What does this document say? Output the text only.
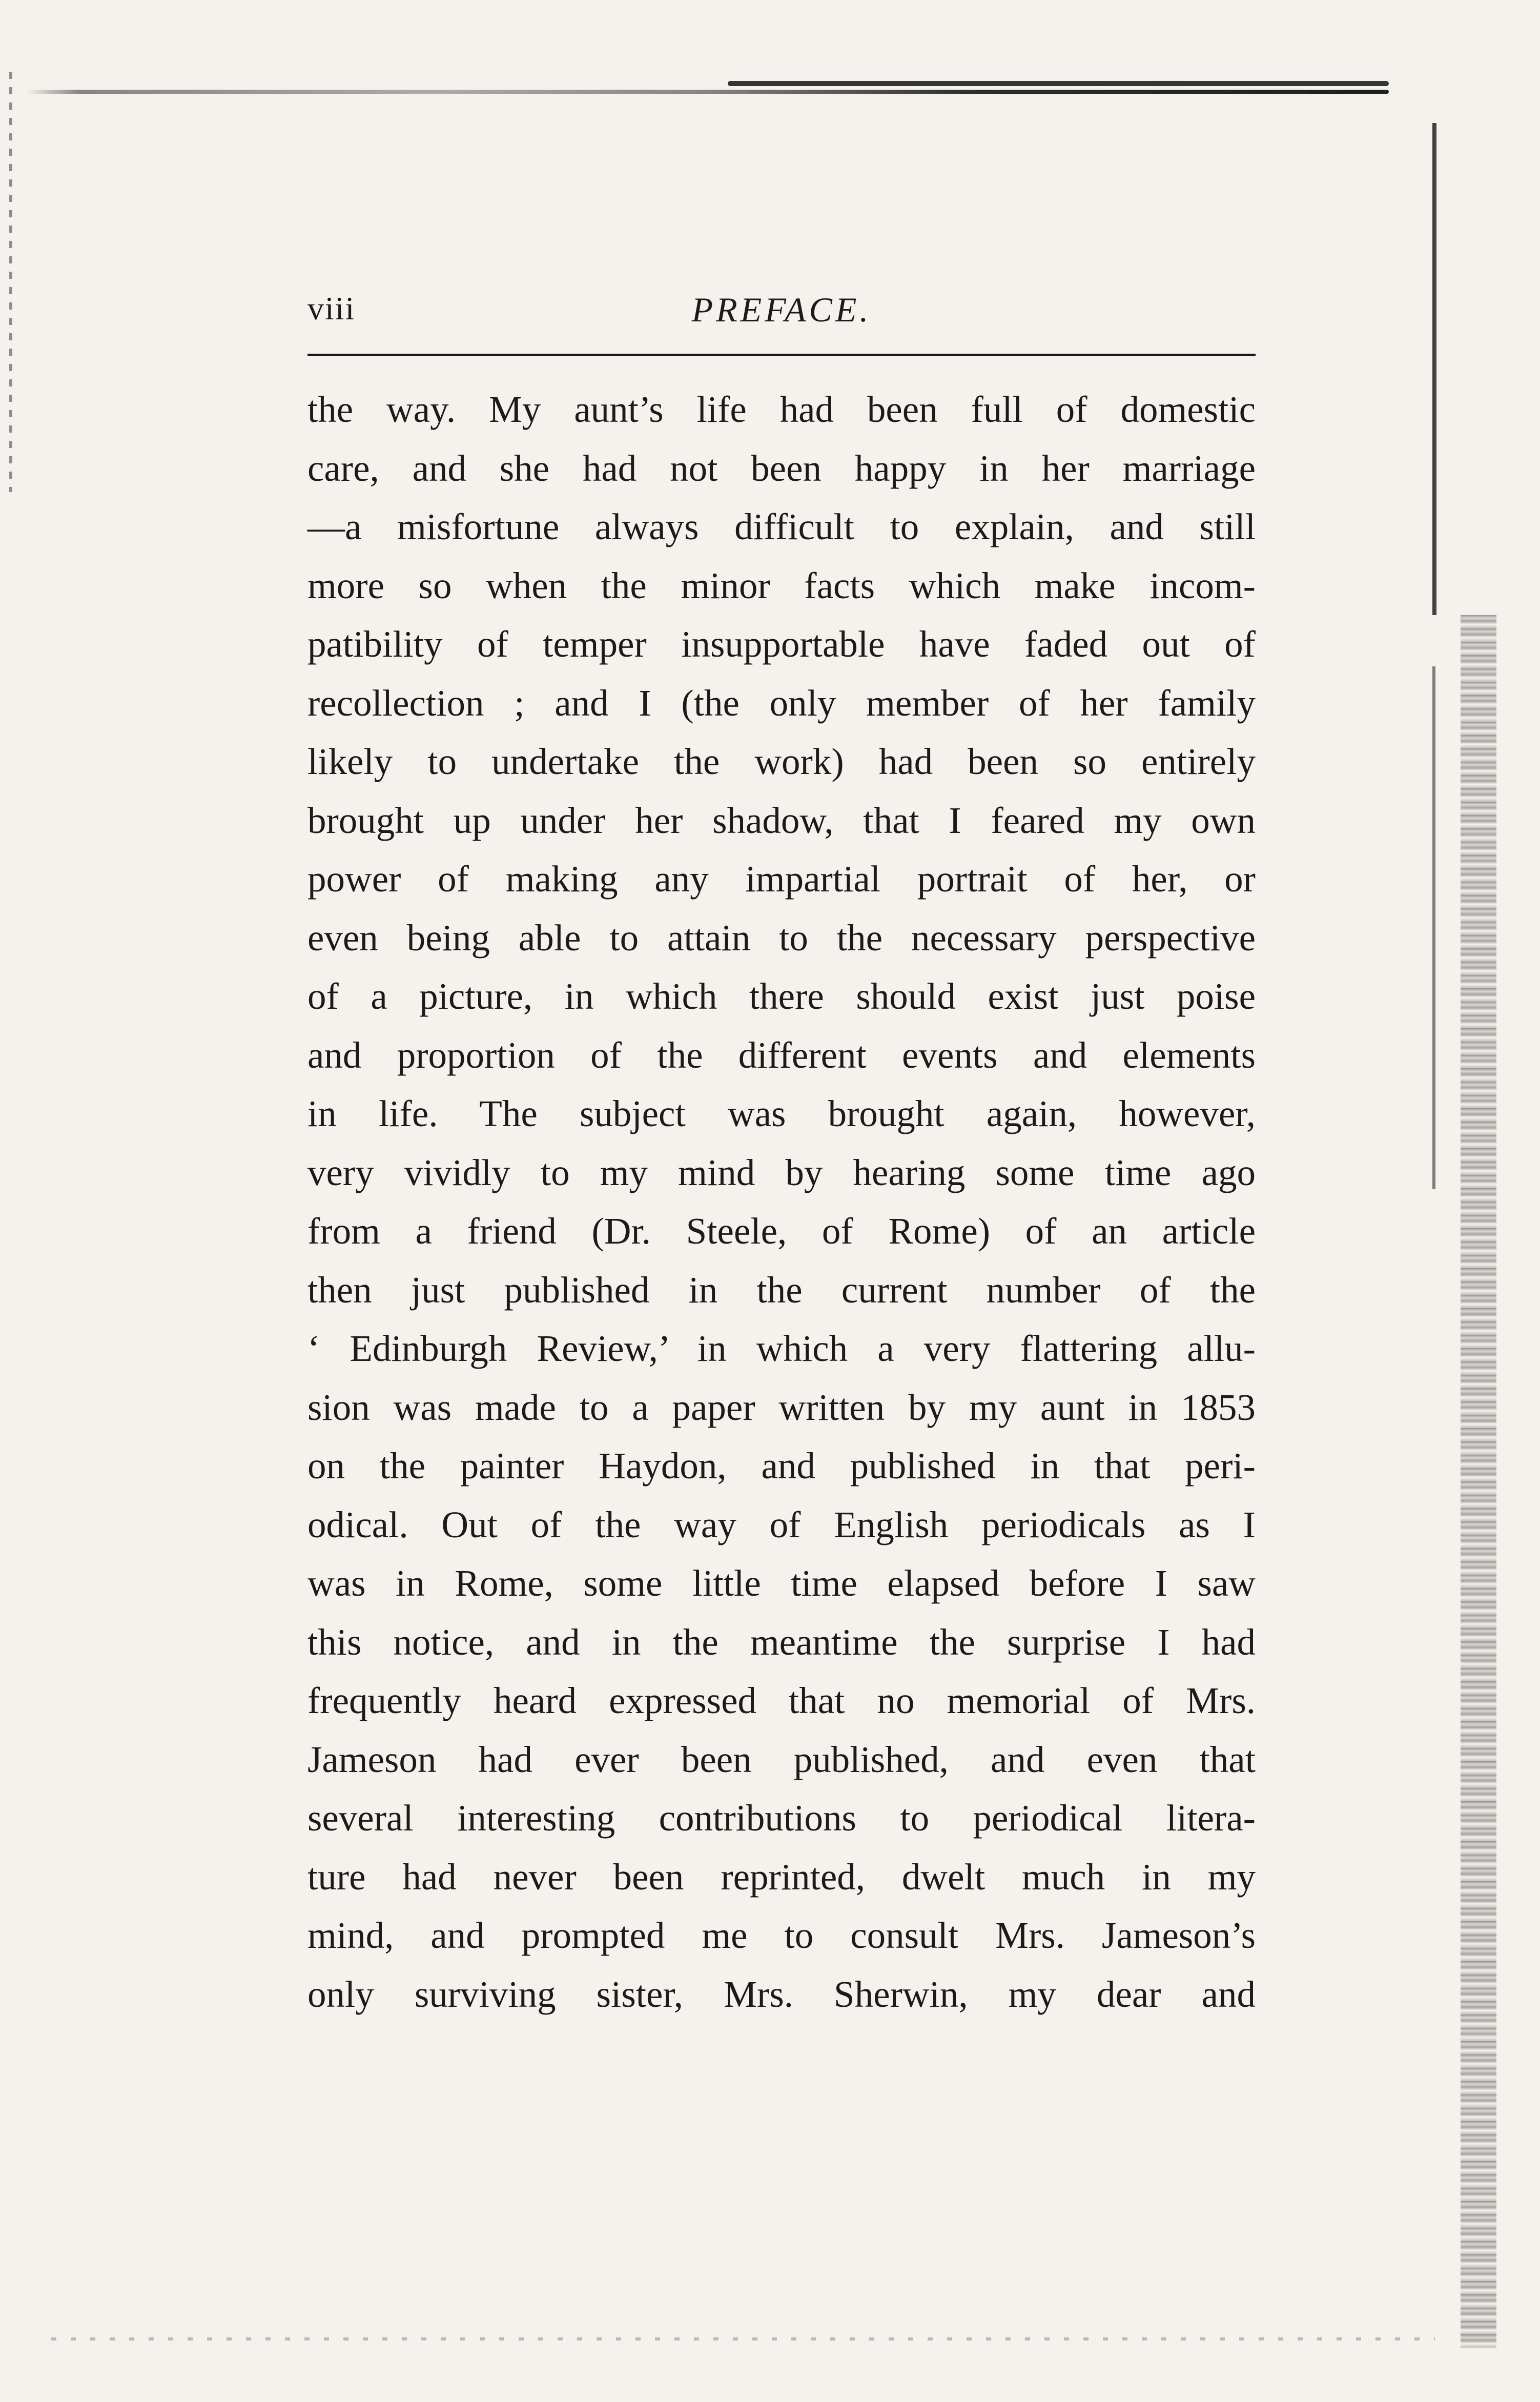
viii	PREFACE.
the way. My aunt’s life had been full of domestic
care, and she had not been happy in her marriage
—a misfortune always difficult to explain, and still
more so when the minor facts which make incom-
patibility of temper insupportable have faded out of
recollection ; and I (the only member of her family
likely to undertake the work) had been so entirely
brought up under her shadow, that I feared my own
power of making any impartial portrait of her, or
even being able to attain to the necessary perspective
of a picture, in which there should exist just poise
and proportion of the different events and elements
in life. The subject was brought again, however,
very vividly to my mind by hearing some time ago
from a friend (Dr. Steele, of Rome) of an article
then just published in the current number of the
‘ Edinburgh Review,’ in which a very flattering allu-
sion was made to a paper written by my aunt in 1853
on the painter Haydon, and published in that peri-
odical. Out of the way of English periodicals as I
was in Rome, some little time elapsed before I saw
this notice, and in the meantime the surprise I had
frequently heard expressed that no memorial of Mrs.
Jameson had ever been published, and even that
several interesting contributions to periodical litera-
ture had never been reprinted, dwelt much in my
mind, and prompted me to consult Mrs. Jameson’s
only surviving sister, Mrs. Sherwin, my dear and
